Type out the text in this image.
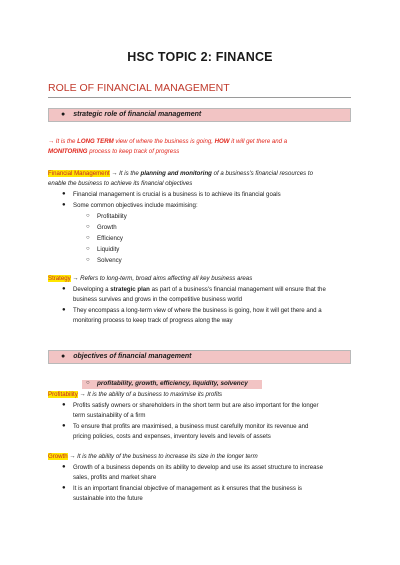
HSC TOPIC 2: FINANCE
ROLE OF FINANCIAL MANAGEMENT
● strategic role of financial management
→ It is the LONG TERM view of where the business is going, HOW it will get there and a
MONITORING process to keep track of progress
Financial Management → It is the planning and monitoring of a business's financial resources to
enable the business to achieve its financial objectives
● Financial management is crucial is a business is to achieve its financial goals
● Some common objectives include maximising:
○ Profitability
○ Growth
○ Efficiency
○ Liquidity
○ Solvency
Strategy → Refers to long-term, broad aims affecting all key business areas
● Developing a strategic plan as part of a business's financial management will ensure that the
business survives and grows in the competitive business world
● They encompass a long-term view of where the business is going, how it will get there and a
monitoring process to keep track of progress along the way
● objectives of financial management
○ profitability, growth, efficiency, liquidity, solvency
Profitability → It is the ability of a business to maximise its profits
● Profits satisfy owners or shareholders in the short term but are also important for the longer
term sustainability of a firm
● To ensure that profits are maximised, a business must carefully monitor its revenue and
pricing policies, costs and expenses, inventory levels and levels of assets
Growth → It is the ability of the business to increase its size in the longer term
● Growth of a business depends on its ability to develop and use its asset structure to increase
sales, profits and market share
● It is an important financial objective of management as it ensures that the business is
sustainable into the future
